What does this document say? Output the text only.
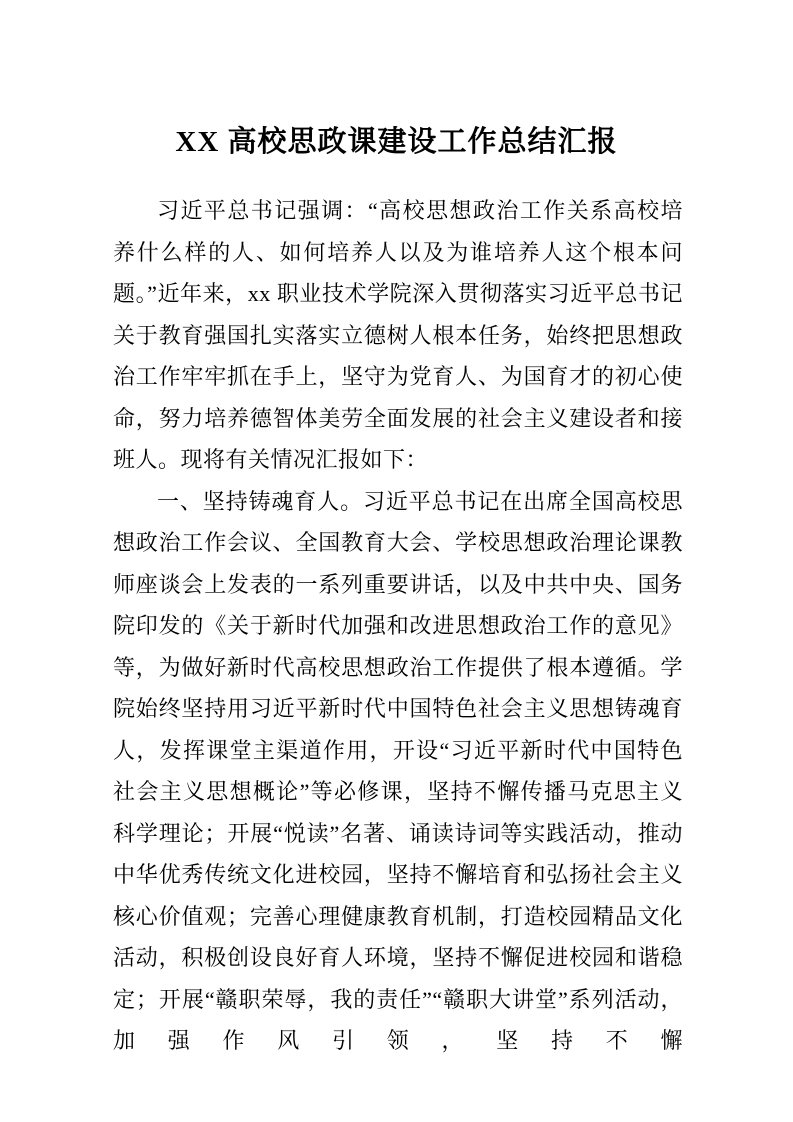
XX 高校思政课建设工作总结汇报

习近平总书记强调：“高校思想政治工作关系高校培养什么样的人、如何培养人以及为谁培养人这个根本问题。”近年来，xx 职业技术学院深入贯彻落实习近平总书记关于教育强国扎实落实立德树人根本任务，始终把思想政治工作牢牢抓在手上，坚守为党育人、为国育才的初心使命，努力培养德智体美劳全面发展的社会主义建设者和接班人。现将有关情况汇报如下：

一、坚持铸魂育人。习近平总书记在出席全国高校思想政治工作会议、全国教育大会、学校思想政治理论课教师座谈会上发表的一系列重要讲话，以及中共中央、国务院印发的《关于新时代加强和改进思想政治工作的意见》等，为做好新时代高校思想政治工作提供了根本遵循。学院始终坚持用习近平新时代中国特色社会主义思想铸魂育人，发挥课堂主渠道作用，开设“习近平新时代中国特色社会主义思想概论”等必修课，坚持不懈传播马克思主义科学理论；开展“悦读”名著、诵读诗词等实践活动，推动中华优秀传统文化进校园，坚持不懈培育和弘扬社会主义核心价值观；完善心理健康教育机制，打造校园精品文化活动，积极创设良好育人环境，坚持不懈促进校园和谐稳定；开展“赣职荣辱，我的责任”“赣职大讲堂”系列活动，加强作风引领，坚持不懈
